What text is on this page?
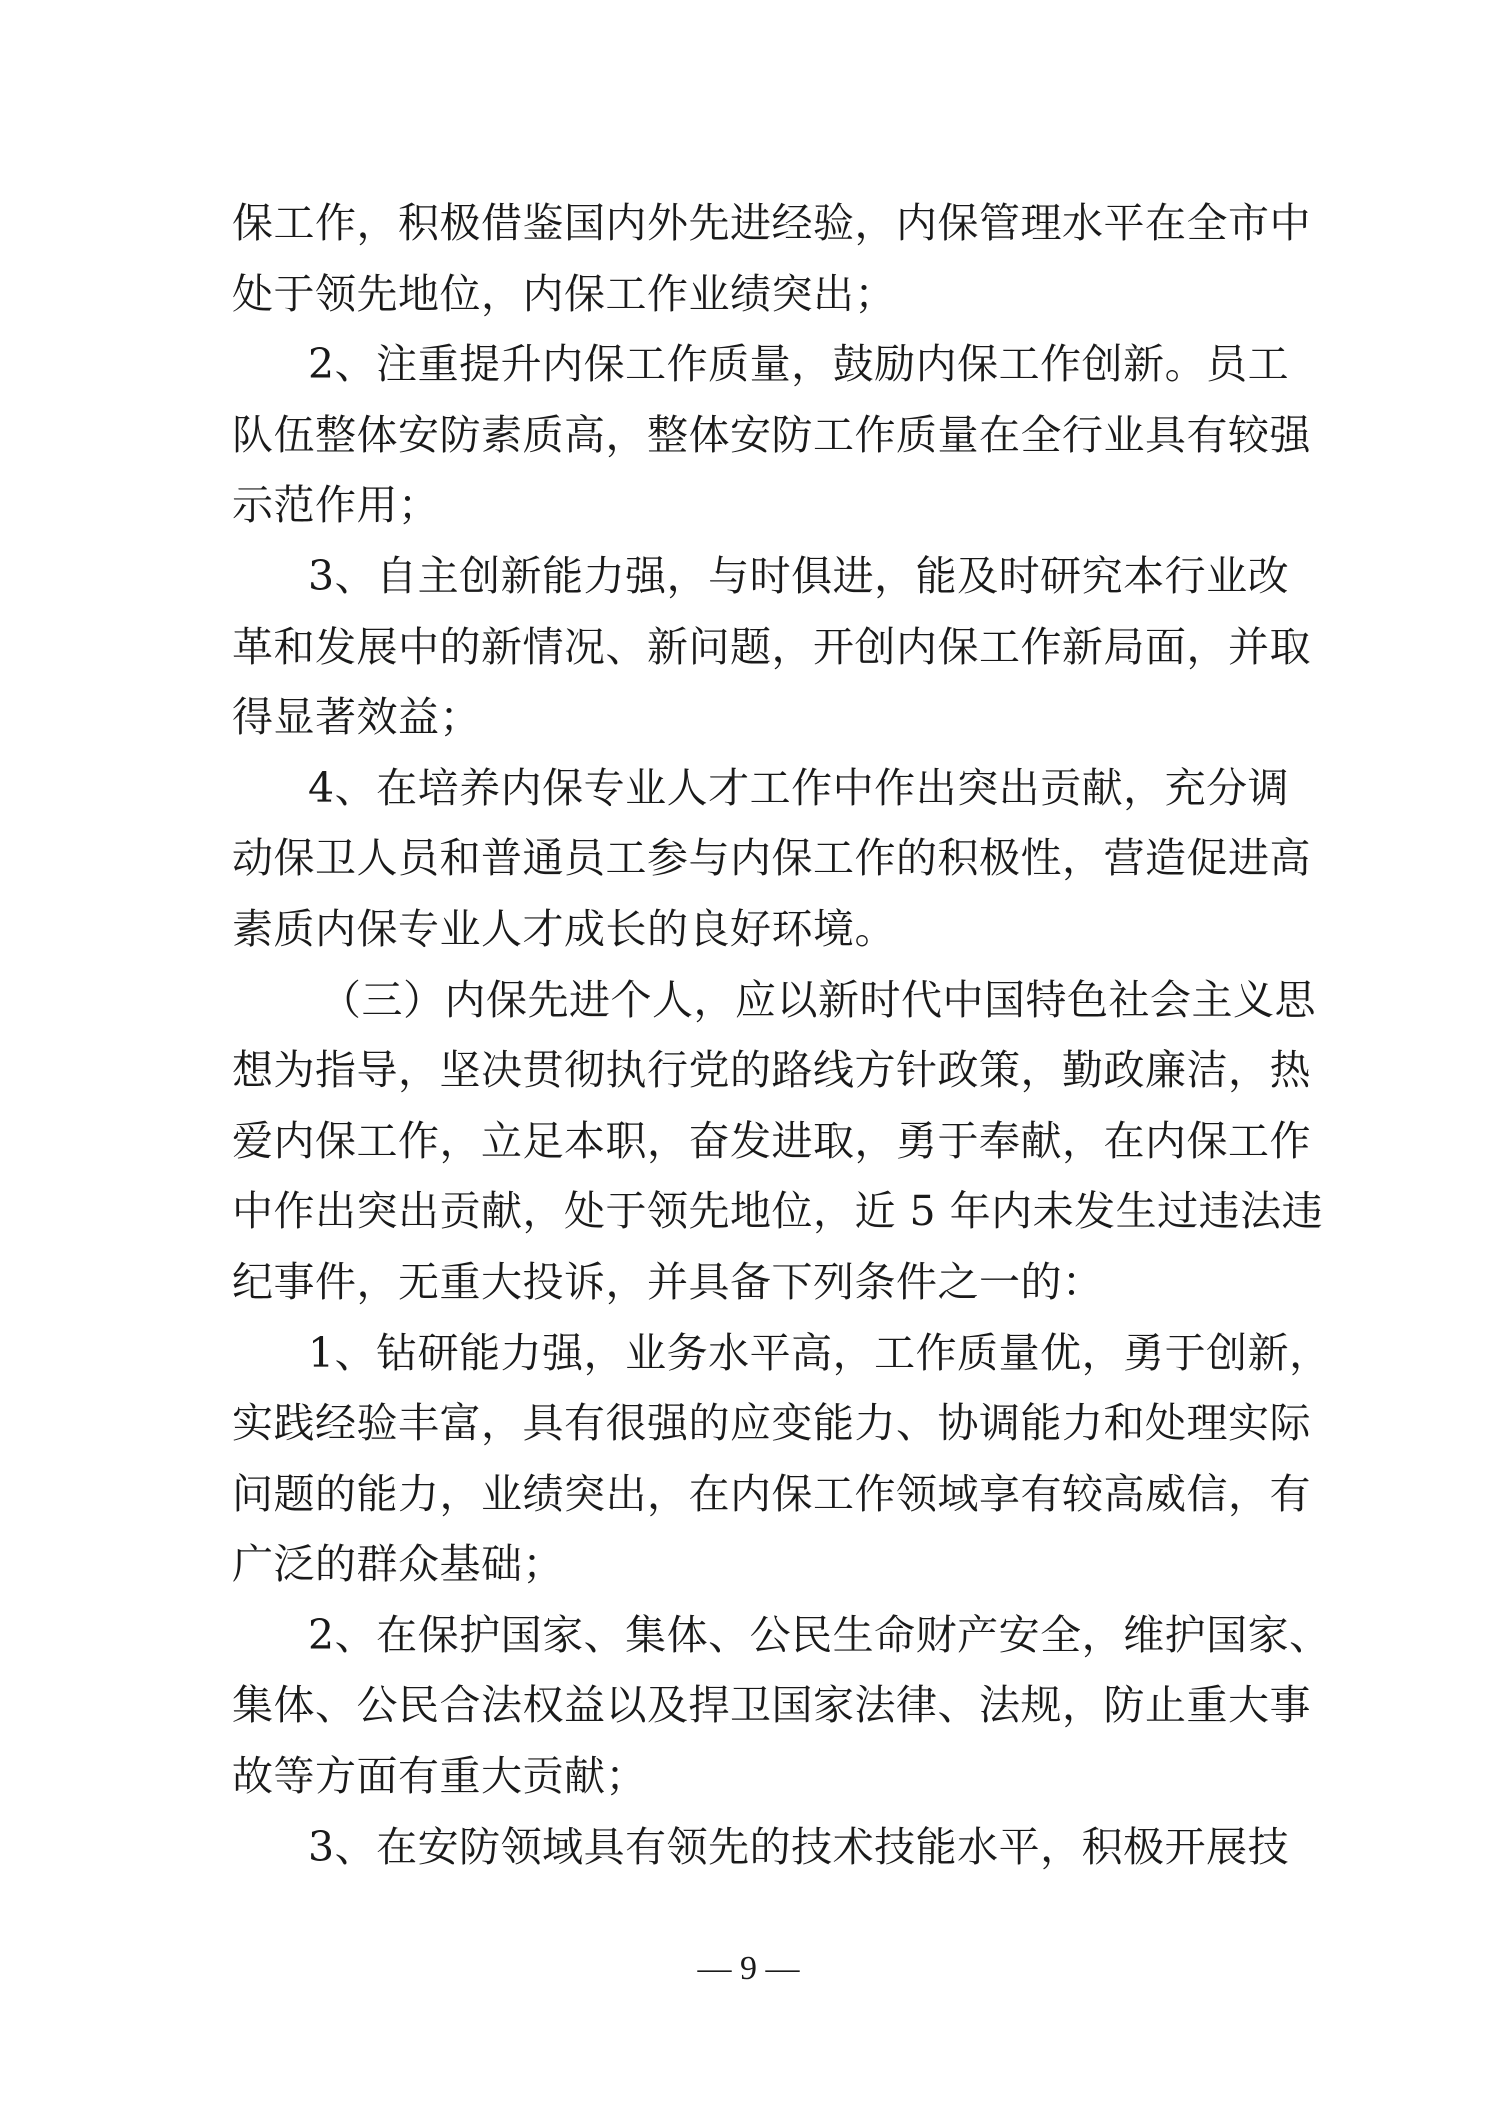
保工作，积极借鉴国内外先进经验，内保管理水平在全市中
处于领先地位，内保工作业绩突出；
2、注重提升内保工作质量，鼓励内保工作创新。员工
队伍整体安防素质高，整体安防工作质量在全行业具有较强
示范作用；
3、自主创新能力强，与时俱进，能及时研究本行业改
革和发展中的新情况、新问题，开创内保工作新局面，并取
得显著效益；
4、在培养内保专业人才工作中作出突出贡献，充分调
动保卫人员和普通员工参与内保工作的积极性，营造促进高
素质内保专业人才成长的良好环境。
（三）内保先进个人，应以新时代中国特色社会主义思
想为指导，坚决贯彻执行党的路线方针政策，勤政廉洁，热
爱内保工作，立足本职，奋发进取，勇于奉献，在内保工作
中作出突出贡献，处于领先地位，近 5 年内未发生过违法违
纪事件，无重大投诉，并具备下列条件之一的：
1、钻研能力强，业务水平高，工作质量优，勇于创新，
实践经验丰富，具有很强的应变能力、协调能力和处理实际
问题的能力，业绩突出，在内保工作领域享有较高威信，有
广泛的群众基础；
2、在保护国家、集体、公民生命财产安全，维护国家、
集体、公民合法权益以及捍卫国家法律、法规，防止重大事
故等方面有重大贡献；
3、在安防领域具有领先的技术技能水平，积极开展技
— 9 —
